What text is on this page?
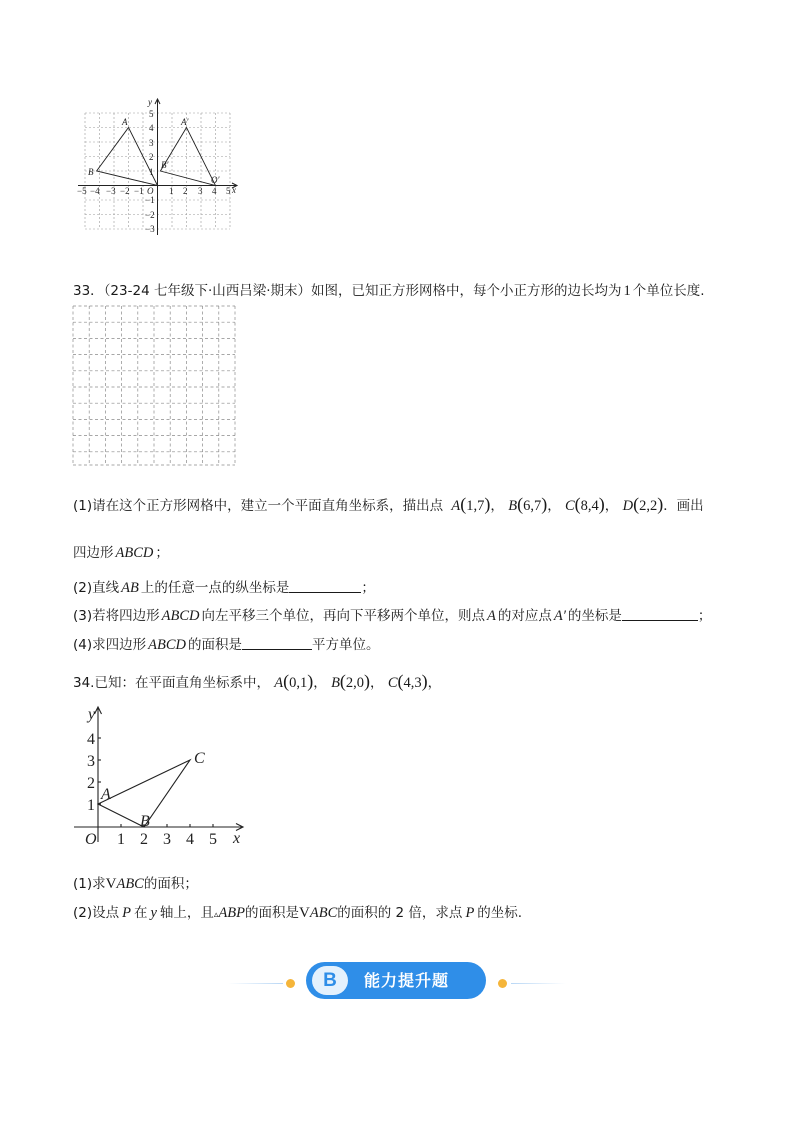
x
y
O
−5 −4 −3 −2 −1	1 2 3 4 5
5
4
3
2
1
−1
−2
−3
A
B
A′
B′
O′
33．（23-24 七年级下·山西吕梁·期末）如图，已知正方形网格中，每个小正方形的边长均为 1 个单位长度.
(1)请在这个正方形网格中，建立一个平面直角坐标系，描出点 A(1,7)， B(6,7)， C(8,4)， D(2,2)．画出
四边形 ABCD ；
(2)直线 AB 上的任意一点的纵坐标是	；
(3)若将四边形 ABCD 向左平移三个单位，再向下平移两个单位，则点 A 的对应点 A′ 的坐标是	；
(4)求四边形 ABCD 的面积是	平方单位。
34.已知：在平面直角坐标系中， A(0,1)， B(2,0)， C(4,3)，
x
y
O 1 2 3 4 5
1
2
3
4
A
B
C
(1)求VABC的面积；
(2)设点 P 在 y 轴上，且▵ABP的面积是VABC的面积的 2 倍，求点 P 的坐标.
B	能力提升题
